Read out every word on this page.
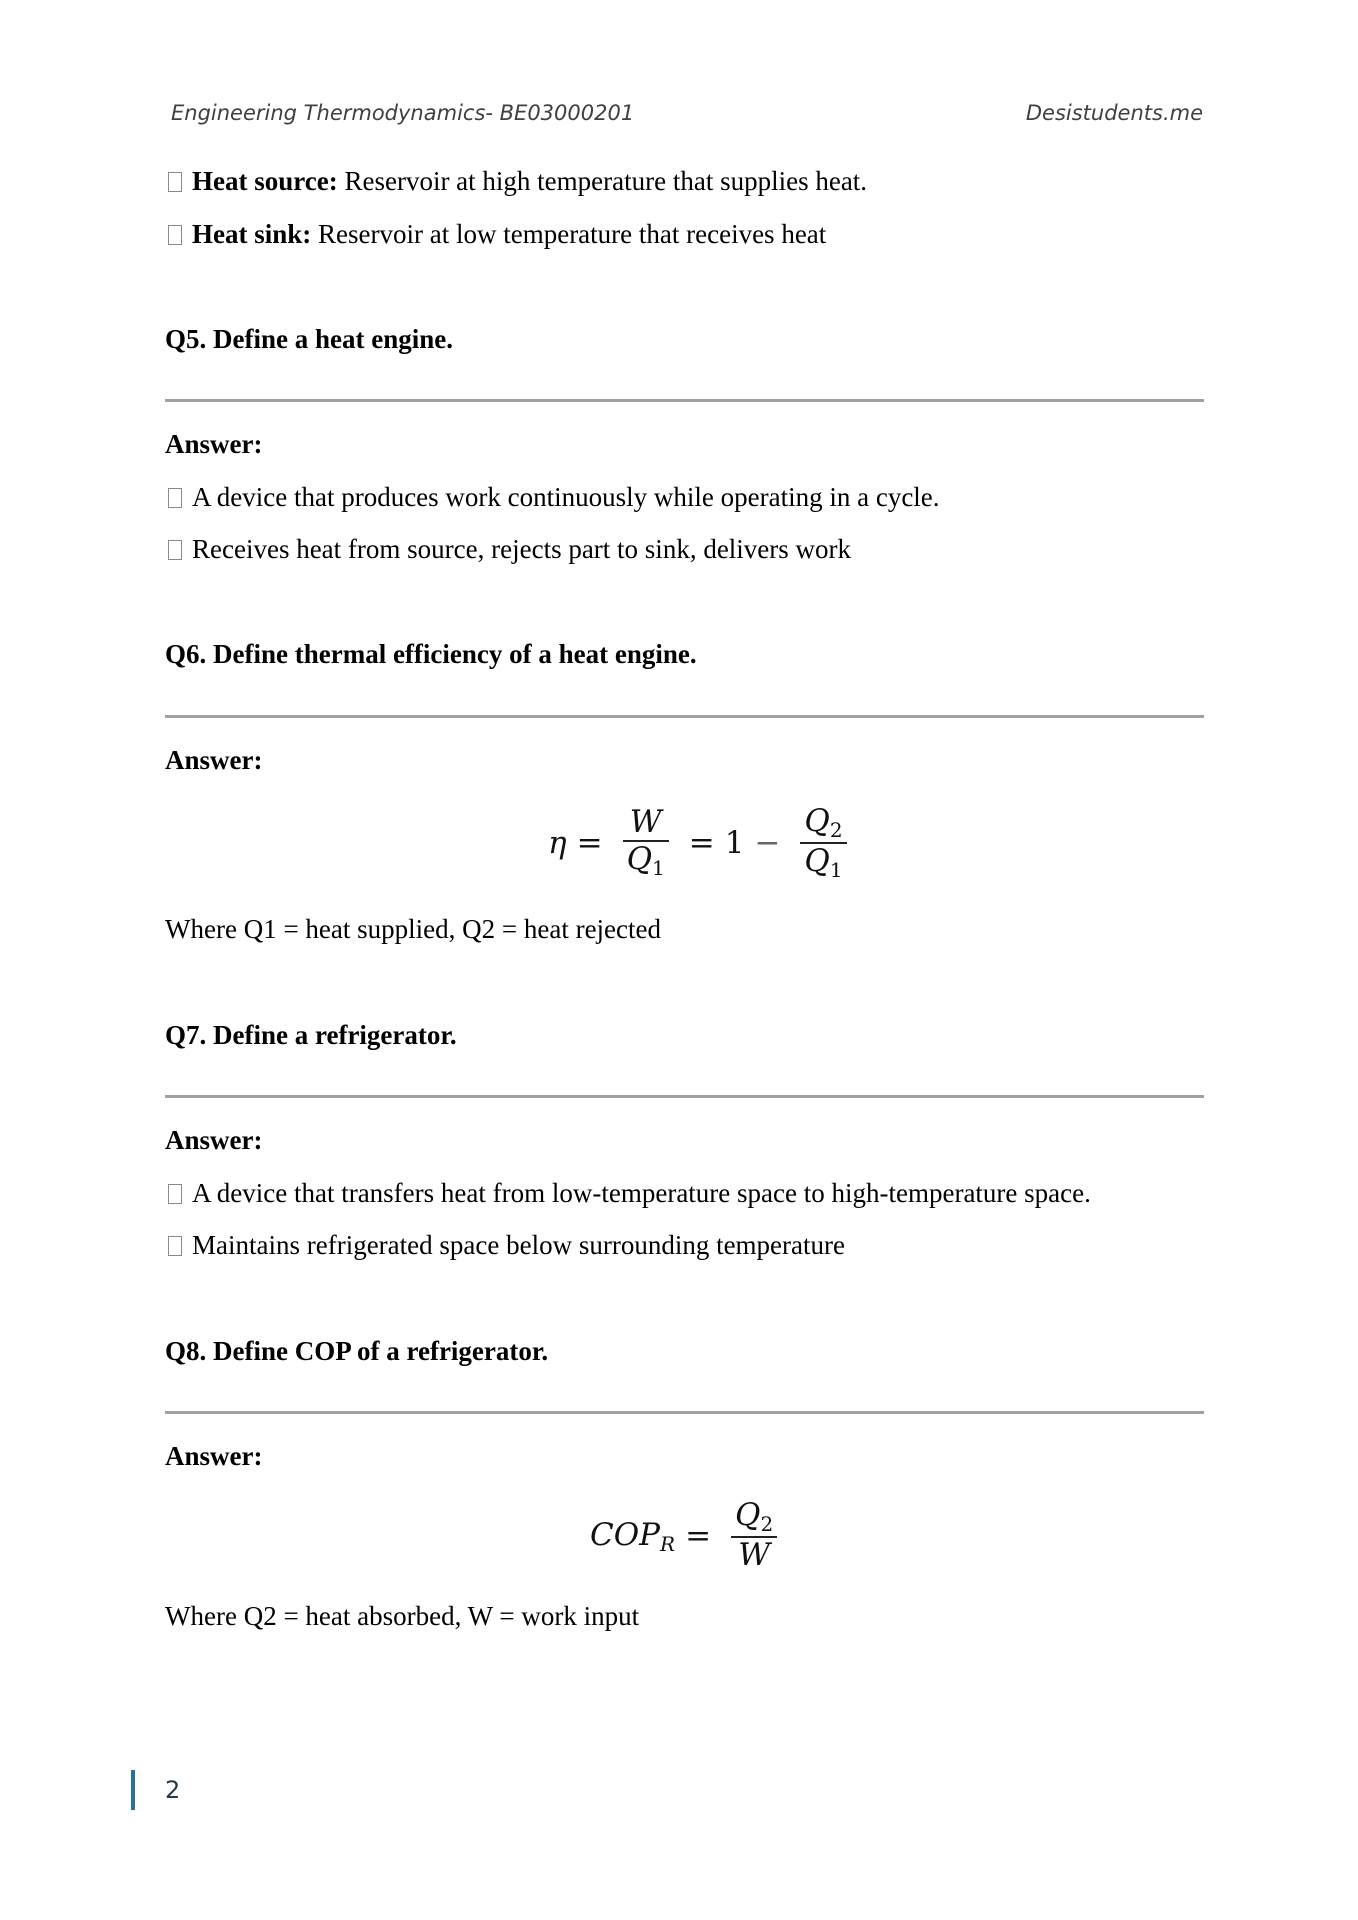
Engineering Thermodynamics- BE03000201	Desistudents.me
Heat source: Reservoir at high temperature that supplies heat.
Heat sink: Reservoir at low temperature that receives heat
Q5. Define a heat engine.
Answer:
A device that produces work continuously while operating in a cycle.
Receives heat from source, rejects part to sink, delivers work
Q6. Define thermal efficiency of a heat engine.
Answer:
$\eta = \frac{W}{Q_1} = 1 - \frac{Q_2}{Q_1}$
Where Q1 = heat supplied, Q2 = heat rejected
Q7. Define a refrigerator.
Answer:
A device that transfers heat from low-temperature space to high-temperature space.
Maintains refrigerated space below surrounding temperature
Q8. Define COP of a refrigerator.
Answer:
$COP_R = \frac{Q_2}{W}$
Where Q2 = heat absorbed, W = work input
2
